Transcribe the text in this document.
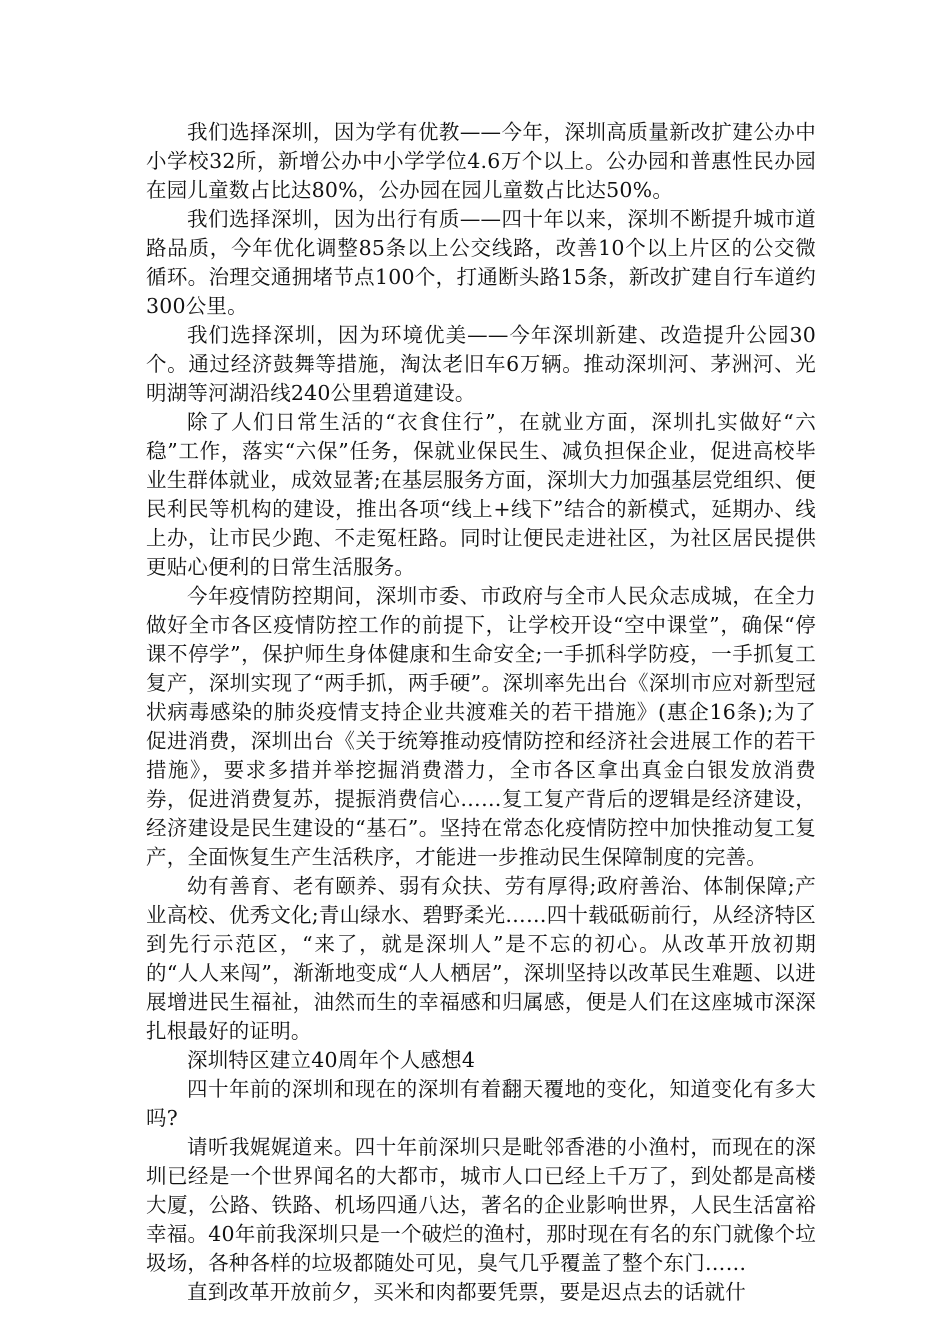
我们选择深圳，因为学有优教——今年，深圳高质量新改扩建公办中小学校32所，新增公办中小学学位4.6万个以上。公办园和普惠性民办园在园儿童数占比达80%，公办园在园儿童数占比达50%。

我们选择深圳，因为出行有质——四十年以来，深圳不断提升城市道路品质，今年优化调整85条以上公交线路，改善10个以上片区的公交微循环。治理交通拥堵节点100个，打通断头路15条，新改扩建自行车道约300公里。

我们选择深圳，因为环境优美——今年深圳新建、改造提升公园30个。通过经济鼓舞等措施，淘汰老旧车6万辆。推动深圳河、茅洲河、光明湖等河湖沿线240公里碧道建设。

除了人们日常生活的“衣食住行”，在就业方面，深圳扎实做好“六稳”工作，落实“六保”任务，保就业保民生、减负担保企业，促进高校毕业生群体就业，成效显著;在基层服务方面，深圳大力加强基层党组织、便民利民等机构的建设，推出各项“线上+线下”结合的新模式，延期办、线上办，让市民少跑、不走冤枉路。同时让便民走进社区，为社区居民提供更贴心便利的日常生活服务。

今年疫情防控期间，深圳市委、市政府与全市人民众志成城，在全力做好全市各区疫情防控工作的前提下，让学校开设“空中课堂”，确保“停课不停学”，保护师生身体健康和生命安全;一手抓科学防疫，一手抓复工复产，深圳实现了“两手抓，两手硬”。深圳率先出台《深圳市应对新型冠状病毒感染的肺炎疫情支持企业共渡难关的若干措施》(惠企16条);为了促进消费，深圳出台《关于统筹推动疫情防控和经济社会进展工作的若干措施》，要求多措并举挖掘消费潜力，全市各区拿出真金白银发放消费券，促进消费复苏，提振消费信心……复工复产背后的逻辑是经济建设，经济建设是民生建设的“基石”。坚持在常态化疫情防控中加快推动复工复产，全面恢复生产生活秩序，才能进一步推动民生保障制度的完善。

幼有善育、老有颐养、弱有众扶、劳有厚得;政府善治、体制保障;产业高校、优秀文化;青山绿水、碧野柔光……四十载砥砺前行，从经济特区到先行示范区，“来了，就是深圳人”是不忘的初心。从改革开放初期的“人人来闯”，渐渐地变成“人人栖居”，深圳坚持以改革民生难题、以进展增进民生福祉，油然而生的幸福感和归属感，便是人们在这座城市深深扎根最好的证明。

深圳特区建立40周年个人感想4

四十年前的深圳和现在的深圳有着翻天覆地的变化，知道变化有多大吗?

请听我娓娓道来。四十年前深圳只是毗邻香港的小渔村，而现在的深圳已经是一个世界闻名的大都市，城市人口已经上千万了，到处都是高楼大厦，公路、铁路、机场四通八达，著名的企业影响世界，人民生活富裕幸福。40年前我深圳只是一个破烂的渔村，那时现在有名的东门就像个垃圾场，各种各样的垃圾都随处可见，臭气几乎覆盖了整个东门……

直到改革开放前夕，买米和肉都要凭票，要是迟点去的话就什
